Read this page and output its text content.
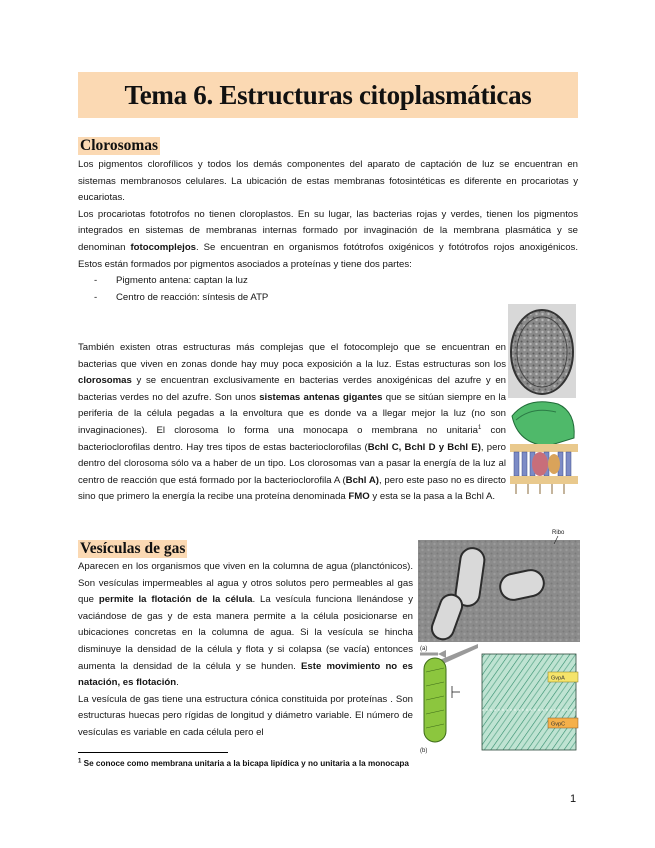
Tema 6. Estructuras citoplasmáticas
Clorosomas

Los pigmentos clorofílicos y todos los demás componentes del aparato de captación de luz se encuentran en sistemas membranosos celulares. La ubicación de estas membranas fotosintéticas es diferente en procariotas y eucariotas.

Los procariotas fototrofos no tienen cloroplastos. En su lugar, las bacterias rojas y verdes, tienen los pigmentos integrados en sistemas de membranas internas formado por invaginación de la membrana plasmática y se denominan fotocomplejos. Se encuentran en organismos fotótrofos oxigénicos y fotótrofos rojos anoxigénicos. Estos están formados por pigmentos asociados a proteínas y tiene dos partes:

- Pigmento antena: captan la luz
- Centro de reacción: síntesis de ATP

También existen otras estructuras más complejas que el fotocomplejo que se encuentran en bacterias que viven en zonas donde hay muy poca exposición a la luz. Estas estructuras son los clorosomas y se encuentran exclusivamente en bacterias verdes anoxigénicas del azufre y en bacterias verdes no del azufre. Son unos sistemas antenas gigantes que se sitúan siempre en la periferia de la célula pegadas a la envoltura que es donde va a llegar mejor la luz (no son invaginaciones). El clorosoma lo forma una monocapa o membrana no unitaria$^1$ con bacterioclorofilas dentro. Hay tres tipos de estas bacterioclorofilas (Bchl C, Bchl D y Bchl E), pero dentro del clorosoma sólo va a haber de un tipo. Los clorosomas van a pasar la energía de la luz al centro de reacción que está formado por la bacterioclorofila A (Bchl A), pero este paso no es directo sino que primero la energía la recibe una proteína denominada FMO y esta se la pasa a la Bchl A.

Vesículas de gas

Aparecen en los organismos que viven en la columna de agua (planctónicos). Son vesículas impermeables al agua y otros solutos pero permeables al gas que permite la flotación de la célula. La vesícula funciona llenándose y vaciándose de gas y de esta manera permite a la célula posicionarse en ubicaciones concretas en la columna de agua. Si la vesícula se hincha disminuye la densidad de la célula y flota y si colapsa (se vacía) entonces aumenta la densidad de la célula y se hunden. Este movimiento no es natación, es flotación.

La vesícula de gas tiene una estructura cónica constituida por proteínas . Son estructuras huecas pero rígidas de longitud y diámetro variable. El número de vesículas es variable en cada célula pero el

Ribo
(a)
(b)
GvpA
GvpC
$^1$ Se conoce como membrana unitaria a la bicapa lipídica y no unitaria a la monocapa
1
